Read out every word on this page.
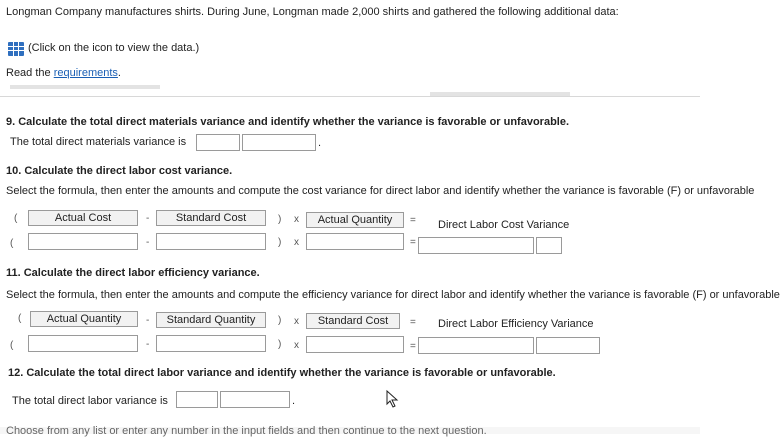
Longman Company manufactures shirts. During June, Longman made 2,000 shirts and gathered the following additional data:
(Click on the icon to view the data.)
Read the requirements.
9. Calculate the total direct materials variance and identify whether the variance is favorable or unfavorable.
The total direct materials variance is	.
10. Calculate the direct labor cost variance.
Select the formula, then enter the amounts and compute the cost variance for direct labor and identify whether the variance is favorable (F) or unfavorable
(	Actual Cost	-	Standard Cost	) x	Actual Quantity	= Direct Labor Cost Variance
(	-	) x	=
11. Calculate the direct labor efficiency variance.
Select the formula, then enter the amounts and compute the efficiency variance for direct labor and identify whether the variance is favorable (F) or unfavorable
(	Actual Quantity	-	Standard Quantity	) x	Standard Cost	= Direct Labor Efficiency Variance
(	-	) x	=
12. Calculate the total direct labor variance and identify whether the variance is favorable or unfavorable.
The total direct labor variance is	.
Choose from any list or enter any number in the input fields and then continue to the next question.
